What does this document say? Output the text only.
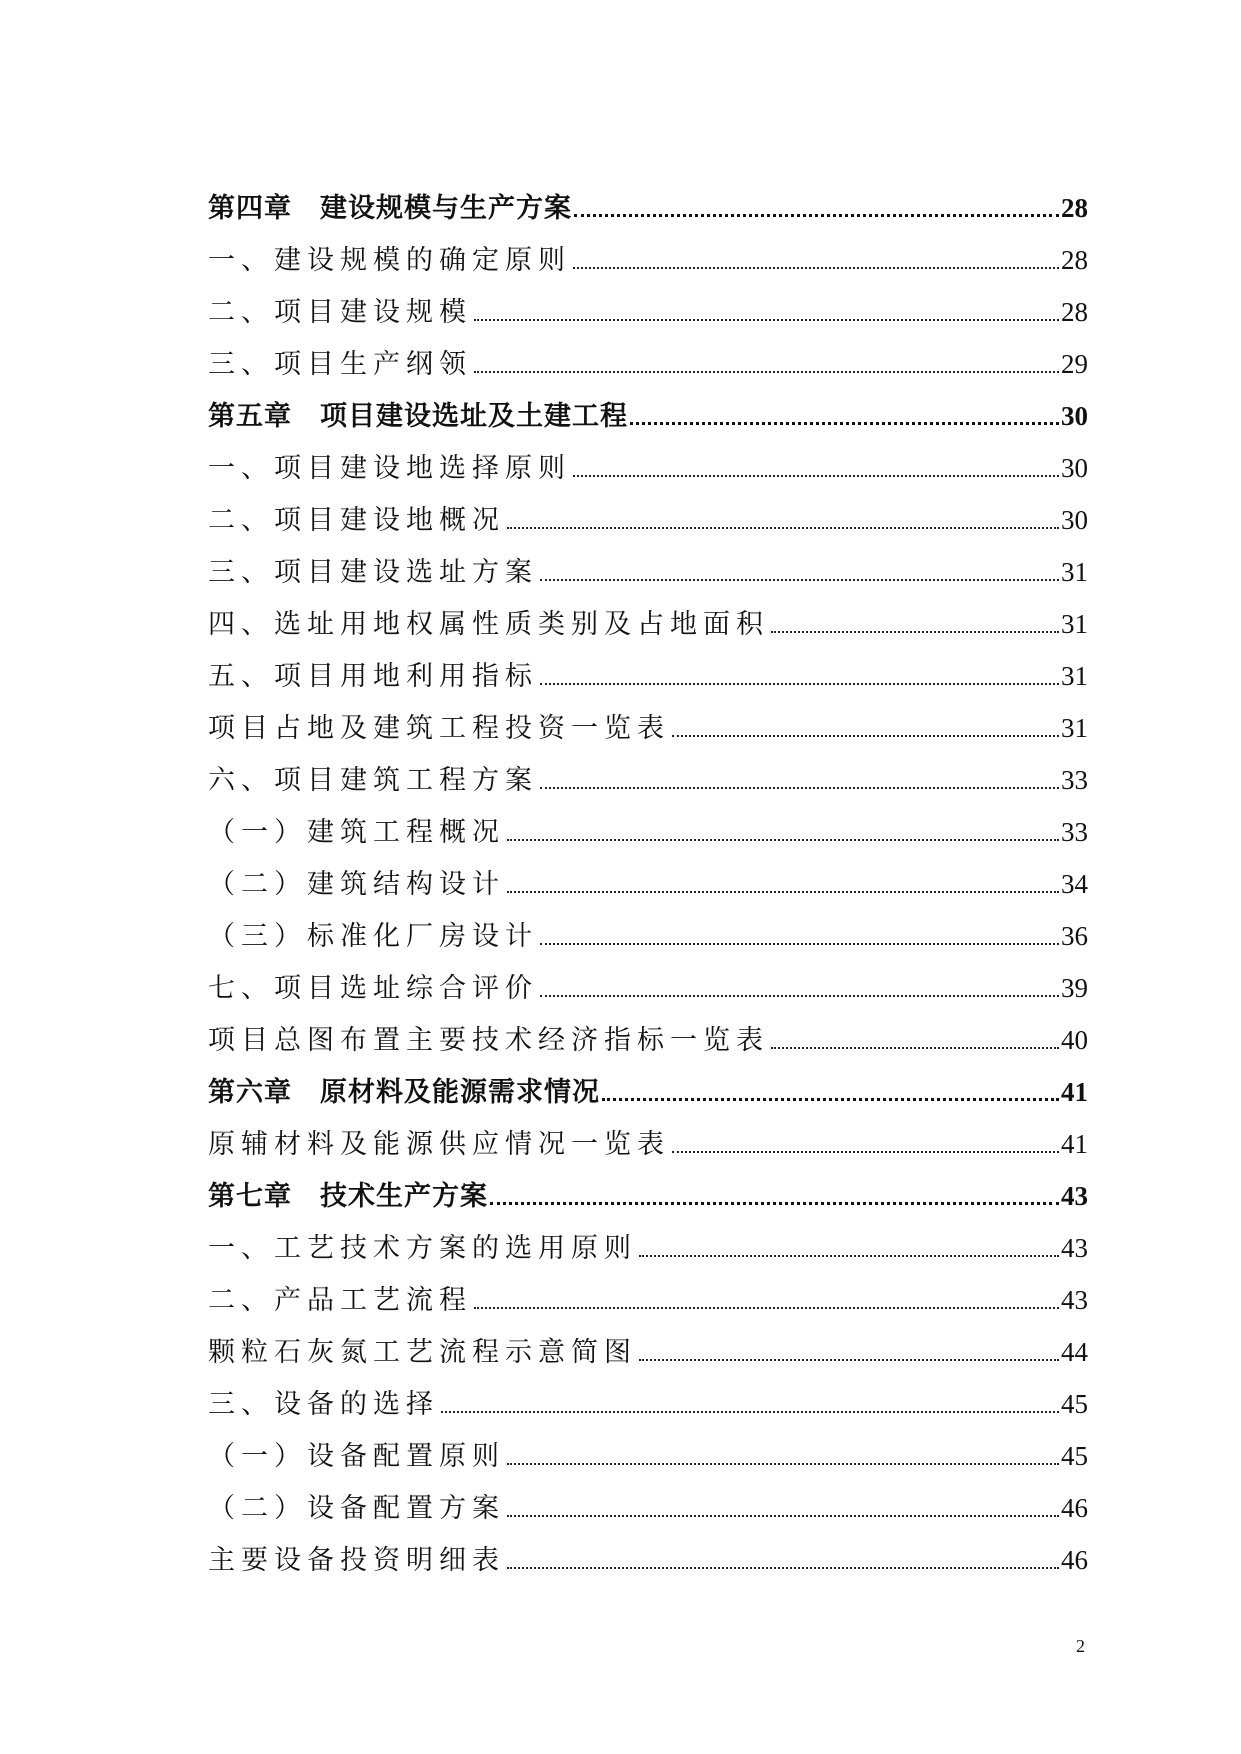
第四章　建设规模与生产方案	28
一、建设规模的确定原则	28
二、项目建设规模	28
三、项目生产纲领	29
第五章　项目建设选址及土建工程	30
一、项目建设地选择原则	30
二、项目建设地概况	30
三、项目建设选址方案	31
四、选址用地权属性质类别及占地面积	31
五、项目用地利用指标	31
项目占地及建筑工程投资一览表	31
六、项目建筑工程方案	33
（一）建筑工程概况	33
（二）建筑结构设计	34
（三）标准化厂房设计	36
七、项目选址综合评价	39
项目总图布置主要技术经济指标一览表	40
第六章　原材料及能源需求情况	41
原辅材料及能源供应情况一览表	41
第七章　技术生产方案	43
一、工艺技术方案的选用原则	43
二、产品工艺流程	43
颗粒石灰氮工艺流程示意简图	44
三、设备的选择	45
（一）设备配置原则	45
（二）设备配置方案	46
主要设备投资明细表	46
2
